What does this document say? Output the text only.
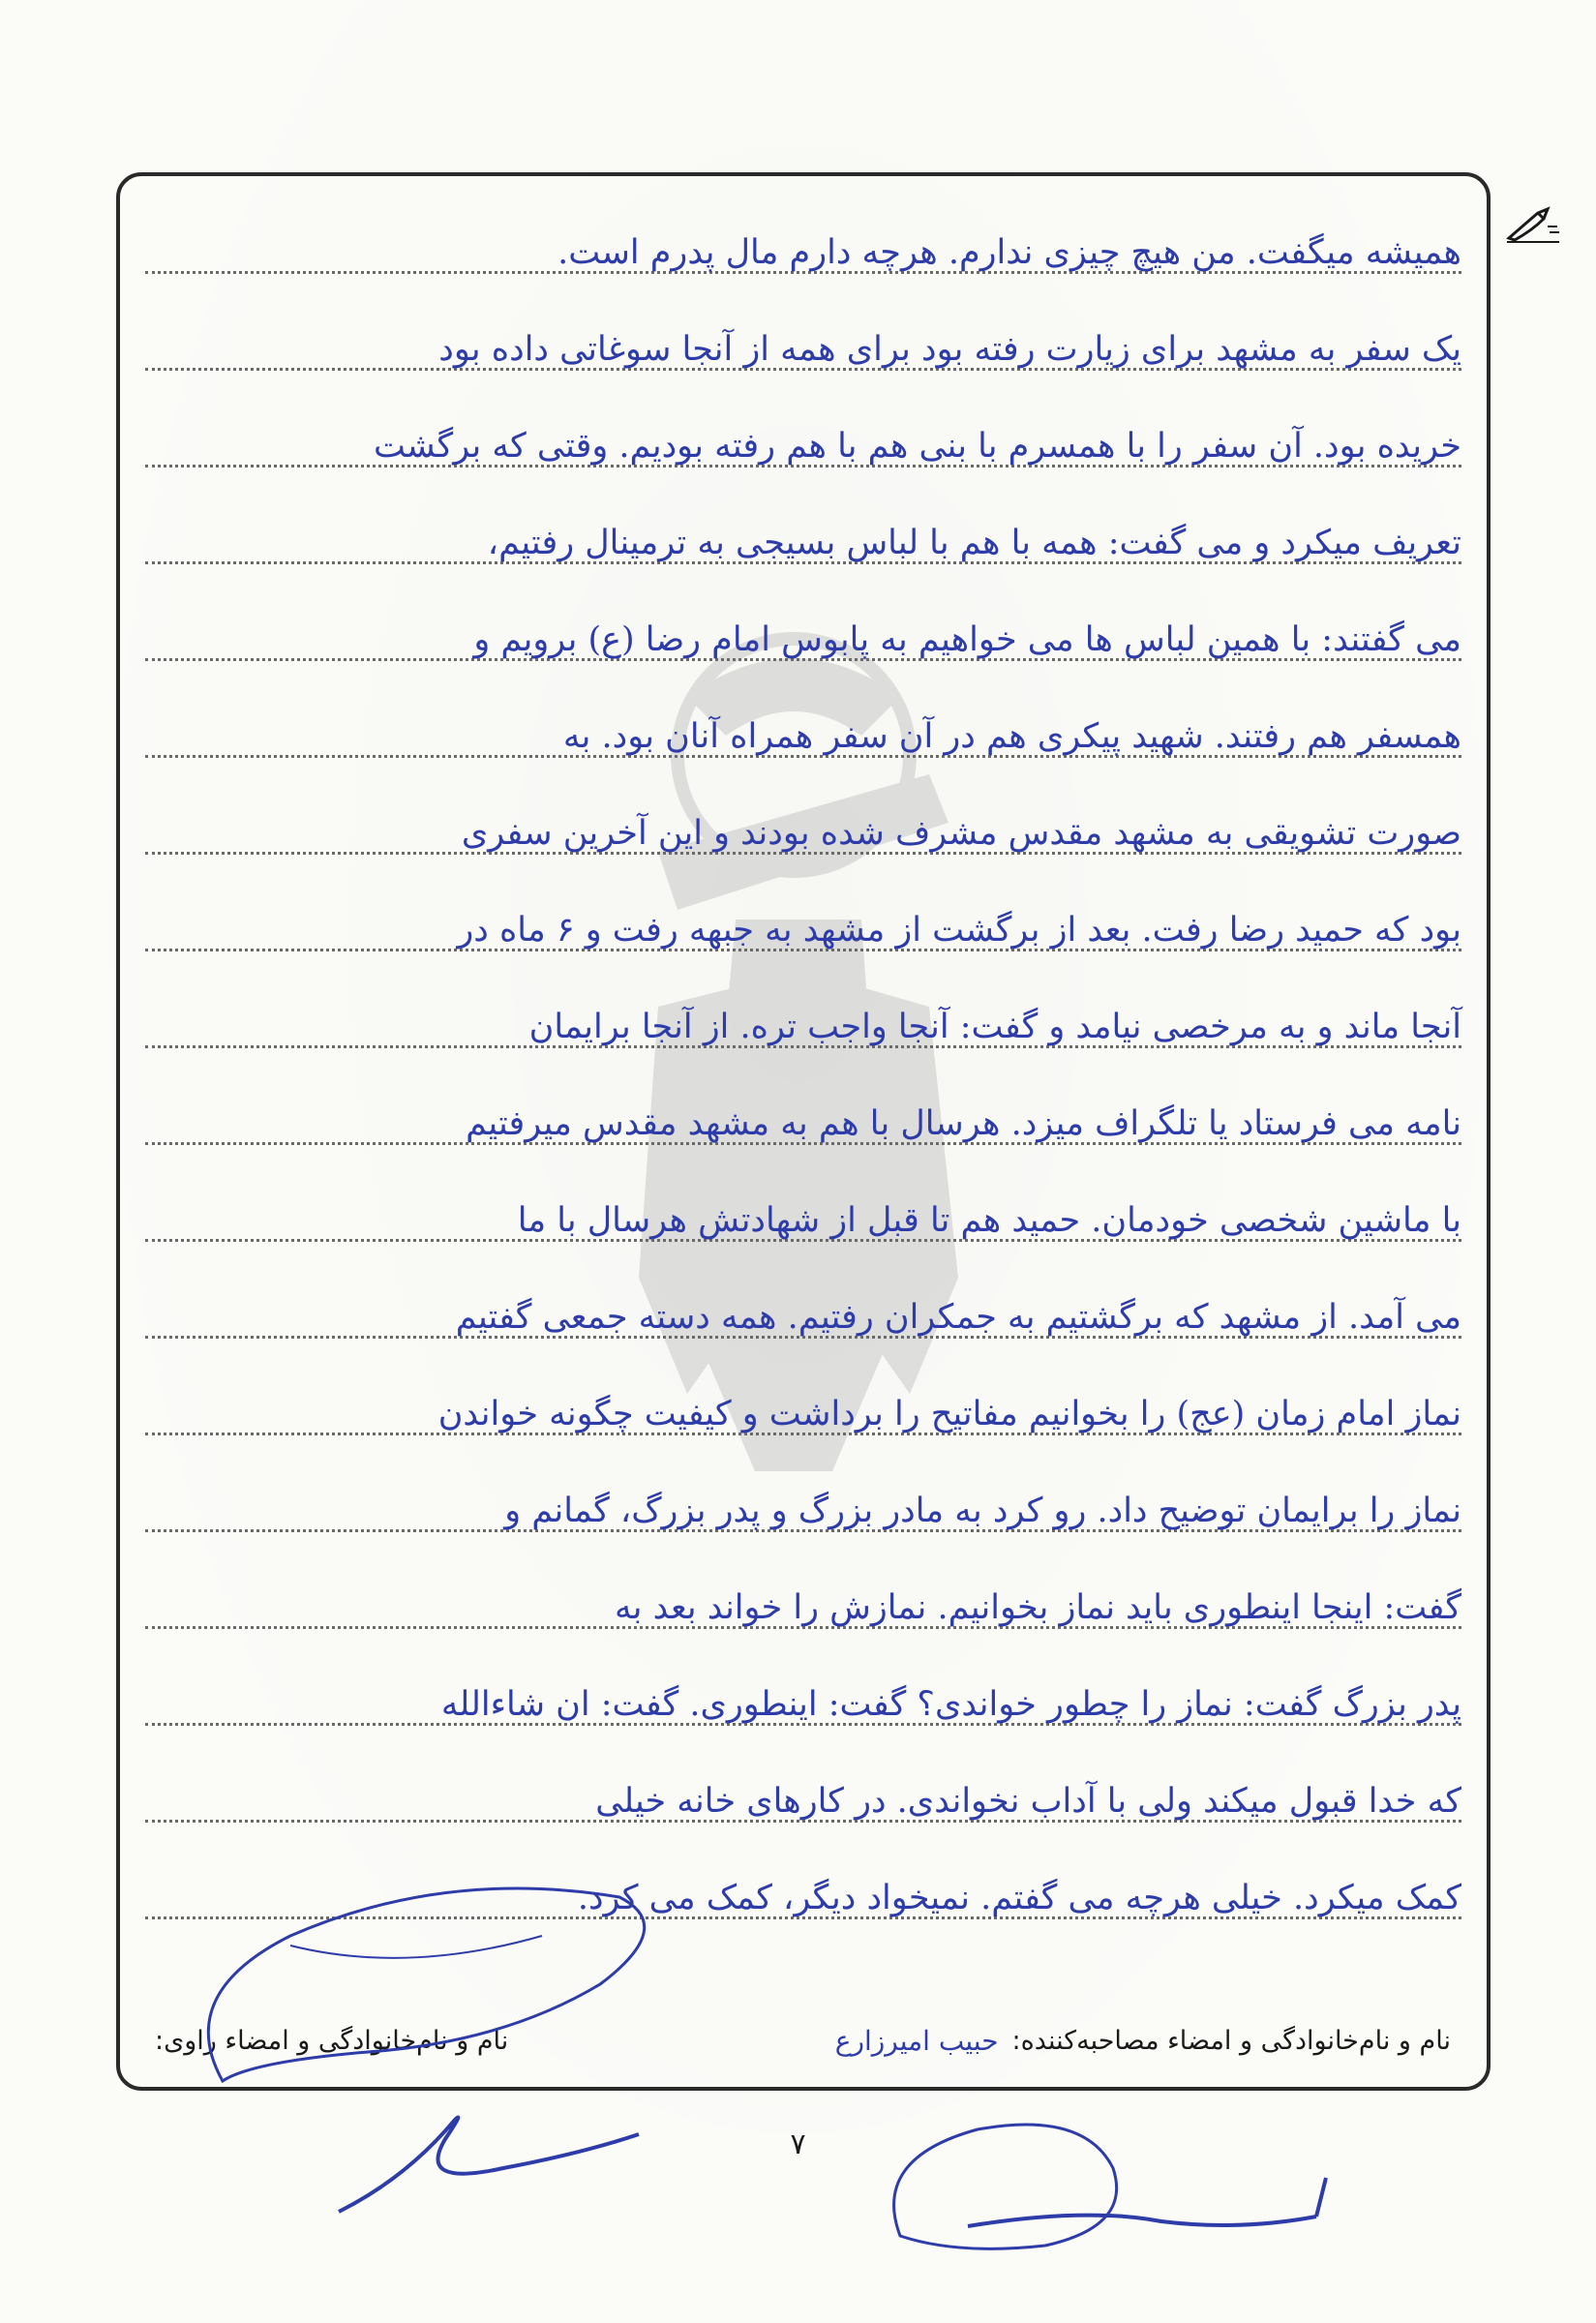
همیشه میگفت. من هیچ چیزی ندارم. هرچه دارم مال پدرم است.
یک سفر به مشهد برای زیارت رفته بود برای همه از آنجا سوغاتی داده بود
خریده بود. آن سفر را با همسرم با بنی هم با هم رفته بودیم. وقتی که برگشت
تعریف میکرد و می گفت: همه با هم با لباس بسیجی به ترمینال رفتیم،
می گفتند: با همین لباس ها می خواهیم به پابوس امام رضا (ع) برویم و
همسفر هم رفتند. شهید پیکری هم در آن سفر همراه آنان بود. به
صورت تشویقی به مشهد مقدس مشرف شده بودند و این آخرین سفری
بود که حمید رضا رفت. بعد از برگشت از مشهد به جبهه رفت و ۶ ماه در
آنجا ماند و به مرخصی نیامد و گفت: آنجا واجب تره. از آنجا برایمان
نامه می فرستاد یا تلگراف میزد. هرسال با هم به مشهد مقدس میرفتیم
با ماشین شخصی خودمان. حمید هم تا قبل از شهادتش هرسال با ما
می آمد. از مشهد که برگشتیم به جمکران رفتیم. همه دسته جمعی گفتیم
نماز امام زمان (عج) را بخوانیم مفاتیح را برداشت و کیفیت چگونه خواندن
نماز را برایمان توضیح داد. رو کرد به مادر بزرگ و پدر بزرگ، گمانم و
گفت: اینجا اینطوری باید نماز بخوانیم. نمازش را خواند بعد به
پدر بزرگ گفت: نماز را چطور خواندی؟ گفت: اینطوری. گفت: ان شاءالله
که خدا قبول میکند ولی با آداب نخواندی. در کارهای خانه خیلی
کمک میکرد. خیلی هرچه می گفتم. نمیخواد دیگر، کمک می کرد.
نام و نام‌خانوادگی و امضاء مصاحبه‌کننده:
حبیب امیرزارع
نام و نام‌خانوادگی و امضاء راوی:
۷
